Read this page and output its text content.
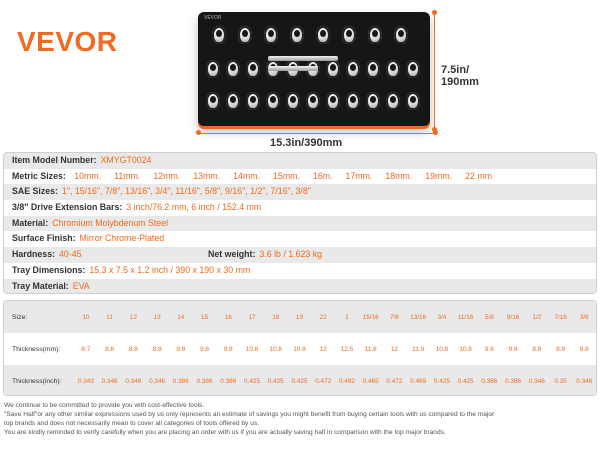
VEVOR
VEVOR
15.3in/390mm
7.5in/
190mm
Item Model Number: XMYGT0024
Metric Sizes: 10mm. 11mm. 12mm. 13mm. 14mm. 15mm. 16m. 17mm. 18mm. 19mm. 22 mm
SAE Sizes: 1", 15/16", 7/8", 13/16", 3/4", 11/16", 5/8", 9/16", 1/2", 7/16", 3/8"
3/8" Drive Extension Bars: 3 inch/76.2 mm, 6 inch / 152.4 mm
Material: Chromium Molybdenum Steel
Surface Finish: Mirror Chrome-Plated
Hardness: 40-45	Net weight: 3.6 lb / 1.623 kg
Tray Dimensions: 15.3 x 7.5 x 1.2 inch / 390 x 190 x 30 mm
Tray Material: EVA
Size:	10	11	12	13	14	15	16	17	18	19	22	1	15/16	7/8	13/16	3/4	11/16	5/8	9/16	1/2	7/16	3/8
Thickness(mm):	8.7	8.8	8.8	8.8	9.8	9.8	9.8	10.8	10.8	10.8	12	12.5	11.8	12	11.9	10.8	10.8	9.8	9.8	8.8	8.9	8.8
Thickness(inch):	0.343	0.346	0.346	0.346	0.386	0.386	0.386	0.425	0.425	0.425	0.472	0.492	0.465	0.472	0.469	0.425	0.425	0.386	0.386	0.346	0.35	0.346
We continue to be committed to provide you with cost-effective tools.
"Save Half"or any other similar expressions used by us only represents an estimate of savings you might benefit from buying certain tools with us compared to the major
top brands and does not necessarily mean to cover all categories of tools offered by us.
You are kindly reminded to verify carefully when you are placing an order with us if you are actually saving half in comparison with the top major brands.
